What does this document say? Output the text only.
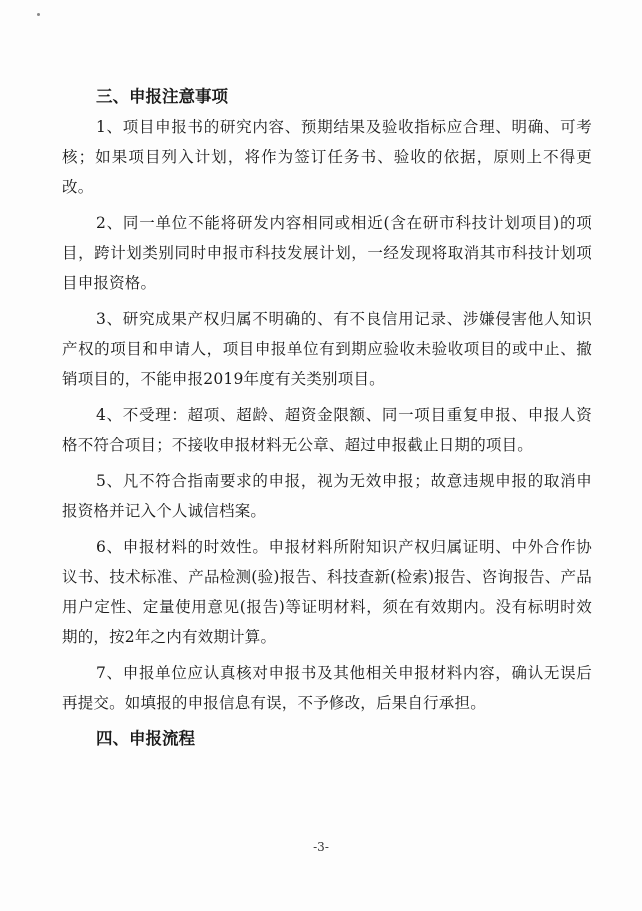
三、申报注意事项

1、项目申报书的研究内容、预期结果及验收指标应合理、明确、可考核；如果项目列入计划，将作为签订任务书、验收的依据，原则上不得更改。

2、同一单位不能将研发内容相同或相近(含在研市科技计划项目)的项目，跨计划类别同时申报市科技发展计划，一经发现将取消其市科技计划项目申报资格。

3、研究成果产权归属不明确的、有不良信用记录、涉嫌侵害他人知识产权的项目和申请人，项目申报单位有到期应验收未验收项目的或中止、撤销项目的，不能申报2019年度有关类别项目。

4、不受理：超项、超龄、超资金限额、同一项目重复申报、申报人资格不符合项目；不接收申报材料无公章、超过申报截止日期的项目。

5、凡不符合指南要求的申报，视为无效申报；故意违规申报的取消申报资格并记入个人诚信档案。

6、申报材料的时效性。申报材料所附知识产权归属证明、中外合作协议书、技术标准、产品检测(验)报告、科技查新(检索)报告、咨询报告、产品用户定性、定量使用意见(报告)等证明材料，须在有效期内。没有标明时效期的，按2年之内有效期计算。

7、申报单位应认真核对申报书及其他相关申报材料内容，确认无误后再提交。如填报的申报信息有误，不予修改，后果自行承担。

四、申报流程

-3-
